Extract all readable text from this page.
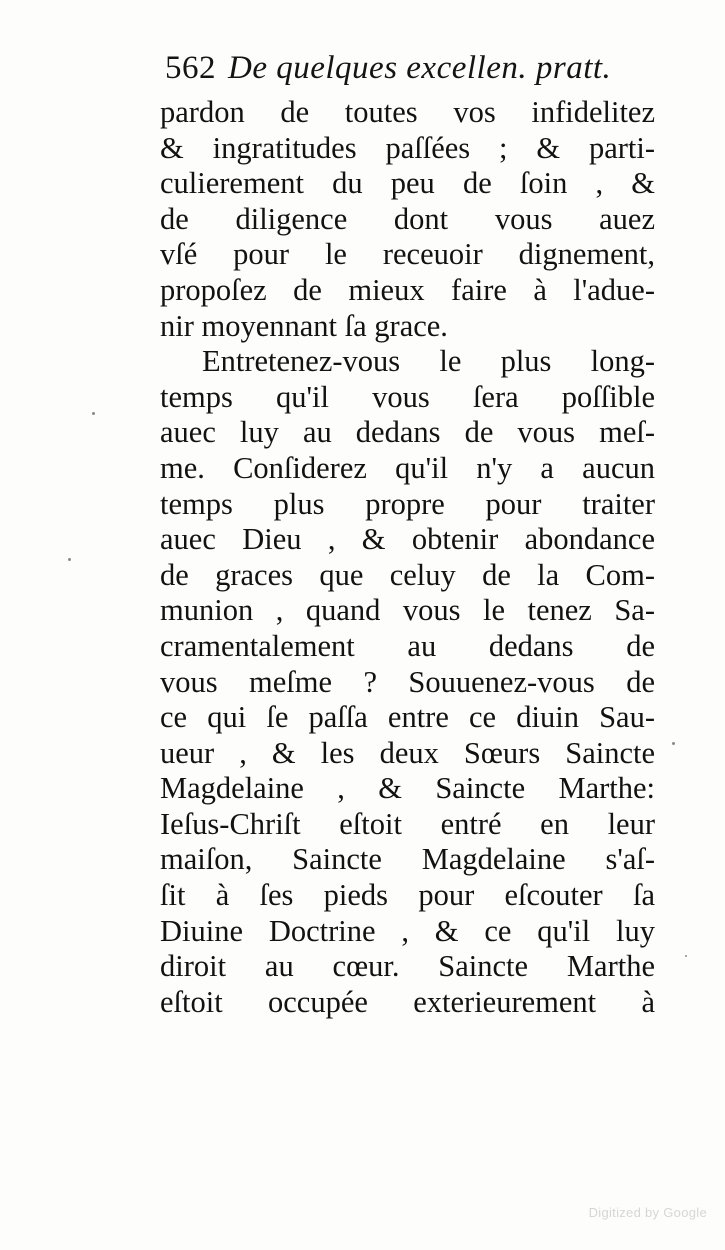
562 De quelques excellen. pratt.
pardon de toutes vos infidelitez
& ingratitudes paſſées ; & parti-
culierement du peu de ſoin , &
de diligence dont vous auez
vſé pour le receuoir dignement,
propoſez de mieux faire à l'adue-
nir moyennant ſa grace.
Entretenez-vous le plus long-
temps qu'il vous ſera poſſible
auec luy au dedans de vous meſ-
me. Conſiderez qu'il n'y a aucun
temps plus propre pour traiter
auec Dieu , & obtenir abondance
de graces que celuy de la Com-
munion , quand vous le tenez Sa-
cramentalement au dedans de
vous meſme ? Souuenez-vous de
ce qui ſe paſſa entre ce diuin Sau-
ueur , & les deux Sœurs Saincte
Magdelaine , & Saincte Marthe:
Ieſus-Chriſt eſtoit entré en leur
maiſon, Saincte Magdelaine s'aſ-
ſit à ſes pieds pour eſcouter ſa
Diuine Doctrine , & ce qu'il luy
diroit au cœur. Saincte Marthe
eſtoit occupée exterieurement à
Digitized by Google
